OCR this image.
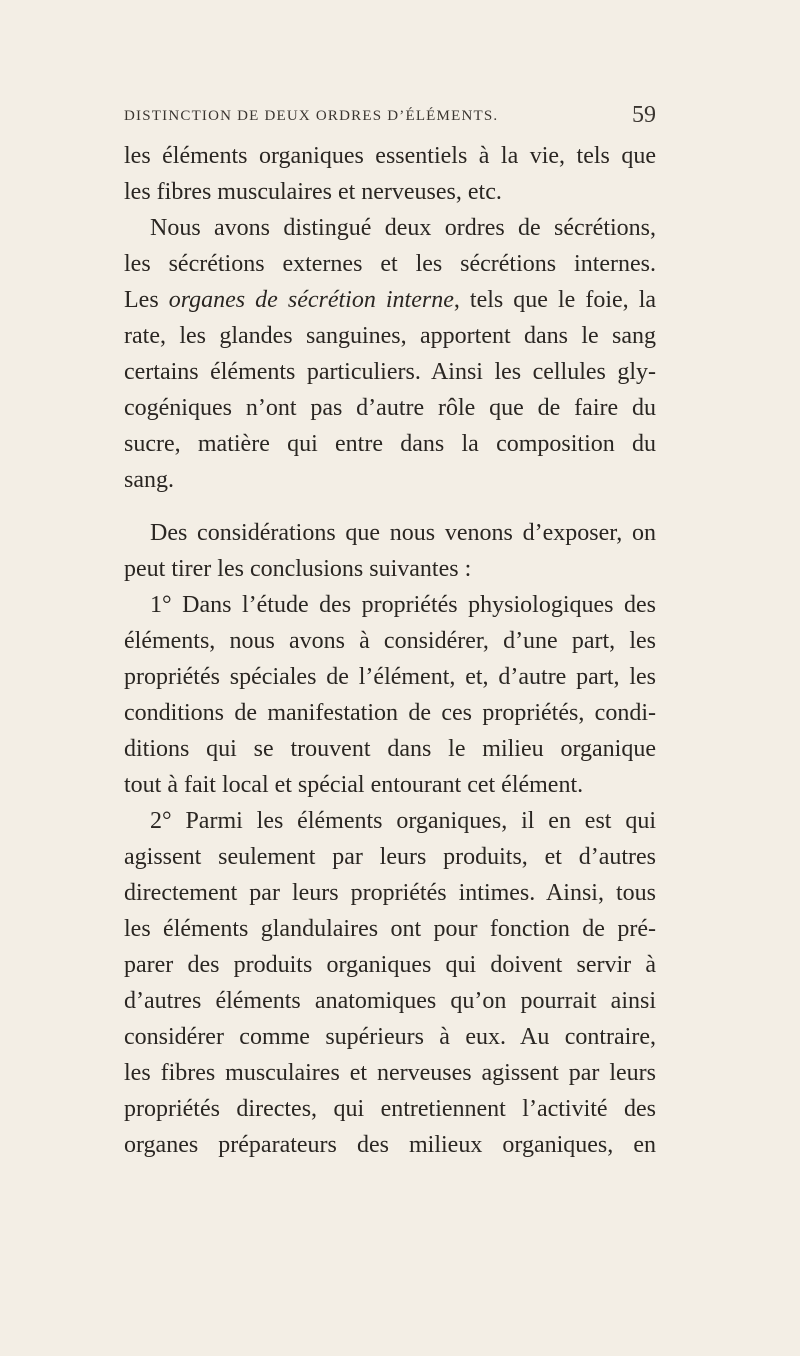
DISTINCTION DE DEUX ORDRES D’ÉLÉMENTS.	59
les éléments organiques essentiels à la vie, tels que
les fibres musculaires et nerveuses, etc.
Nous avons distingué deux ordres de sécrétions,
les sécrétions externes et les sécrétions internes.
Les organes de sécrétion interne, tels que le foie, la
rate, les glandes sanguines, apportent dans le sang
certains éléments particuliers. Ainsi les cellules gly-
cogéniques n’ont pas d’autre rôle que de faire du
sucre, matière qui entre dans la composition du
sang.
Des considérations que nous venons d’exposer, on
peut tirer les conclusions suivantes :
1° Dans l’étude des propriétés physiologiques des
éléments, nous avons à considérer, d’une part, les
propriétés spéciales de l’élément, et, d’autre part, les
conditions de manifestation de ces propriétés, condi-
ditions qui se trouvent dans le milieu organique
tout à fait local et spécial entourant cet élément.
2° Parmi les éléments organiques, il en est qui
agissent seulement par leurs produits, et d’autres
directement par leurs propriétés intimes. Ainsi, tous
les éléments glandulaires ont pour fonction de pré-
parer des produits organiques qui doivent servir à
d’autres éléments anatomiques qu’on pourrait ainsi
considérer comme supérieurs à eux. Au contraire,
les fibres musculaires et nerveuses agissent par leurs
propriétés directes, qui entretiennent l’activité des
organes préparateurs des milieux organiques, en
